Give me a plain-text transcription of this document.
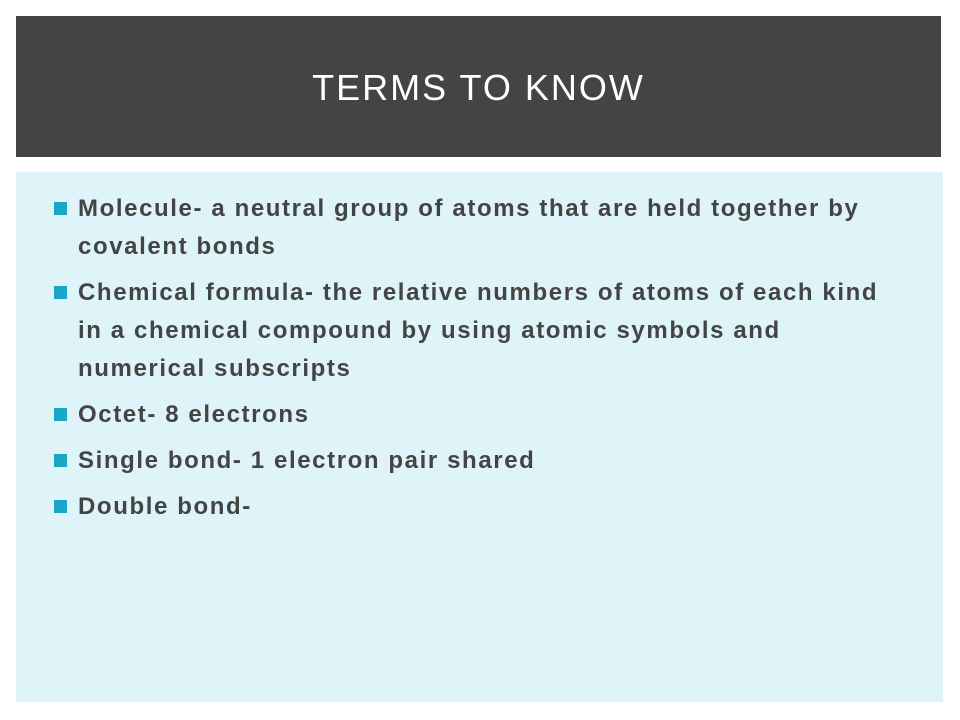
TERMS TO KNOW
Molecule- a neutral group of atoms that are held together by covalent bonds
Chemical formula- the relative numbers of atoms of each kind in a chemical compound by using atomic symbols and numerical subscripts
Octet- 8 electrons
Single bond- 1 electron pair shared
Double bond-
